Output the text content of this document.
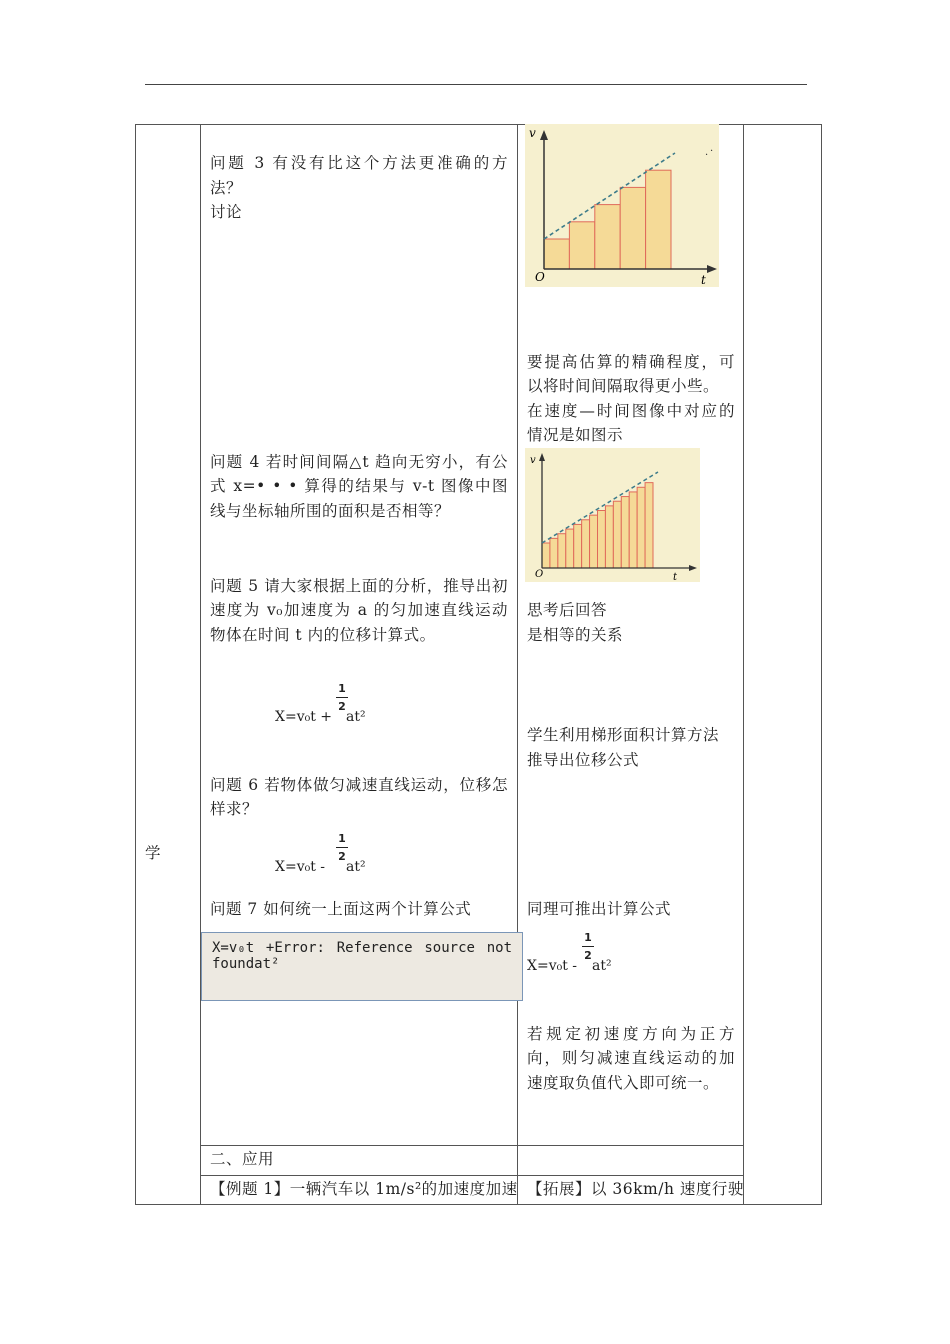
学
问题 3 有没有比这个方法更准确的方
法？
讨论
· ·
v
t
O
要提高估算的精确程度，可
以将时间间隔取得更小些。
在速度—时间图像中对应的
情况是如图示
问题 4 若时间间隔△t 趋向无穷小，有公
式 x=• • • 算得的结果与 v-t 图像中图
线与坐标轴所围的面积是否相等？
v
t
O
问题 5 请大家根据上面的分析，推导出初
速度为 v₀加速度为 a 的匀加速直线运动
物体在时间 t 内的位移计算式。
思考后回答
是相等的关系
X=v₀t +
1
2
at²
学生利用梯形面积计算方法
推导出位移公式
问题 6 若物体做匀减速直线运动，位移怎
样求？
X=v₀t -
1
2
at²
问题 7 如何统一上面这两个计算公式	同理可推出计算公式
X=v₀t -
1
2
at²
X=v₀t +Error: Reference source not
foundat²
若规定初速度方向为正方
向，则匀减速直线运动的加
速度取负值代入即可统一。
二、应用
【例题 1】一辆汽车以 1m/s²的加速度加速 【拓展】以 36km/h 速度行驶
